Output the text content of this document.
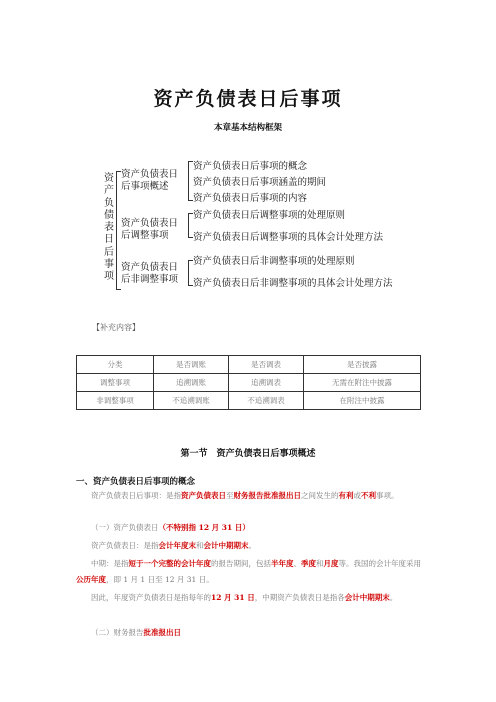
资产负债表日后事项
本章基本结构框架
资产负债表日后事项
资产负债表日
后事项概述
资产负债表日
后调整事项
资产负债表日
后非调整事项
资产负债表日后事项的概念
资产负债表日后事项涵盖的期间
资产负债表日后事项的内容
资产负债表日后调整事项的处理原则
资产负债表日后调整事项的具体会计处理方法
资产负债表日后非调整事项的处理原则
资产负债表日后非调整事项的具体会计处理方法
【补充内容】
分类	是否调账	是否调表	是否披露
调整事项	追溯调账	追溯调表	无需在附注中披露
非调整事项	不追溯调账	不追溯调表	在附注中披露
第一节　资产负债表日后事项概述
一、资产负债表日后事项的概念
资产负债表日后事项：是指资产负债表日至财务报告批准报出日之间发生的有利或不利事项。
（一）资产负债表日（不特别指 12 月 31 日）
资产负债表日：是指会计年度末和会计中期期末。
中期：是指短于一个完整的会计年度的报告期间，包括半年度、季度和月度等。我国的会计年度采用公历年度，即 1 月 1 日至 12 月 31 日。
因此，年度资产负债表日是指每年的12 月 31 日，中期资产负债表日是指各会计中期期末。
（二）财务报告批准报出日
